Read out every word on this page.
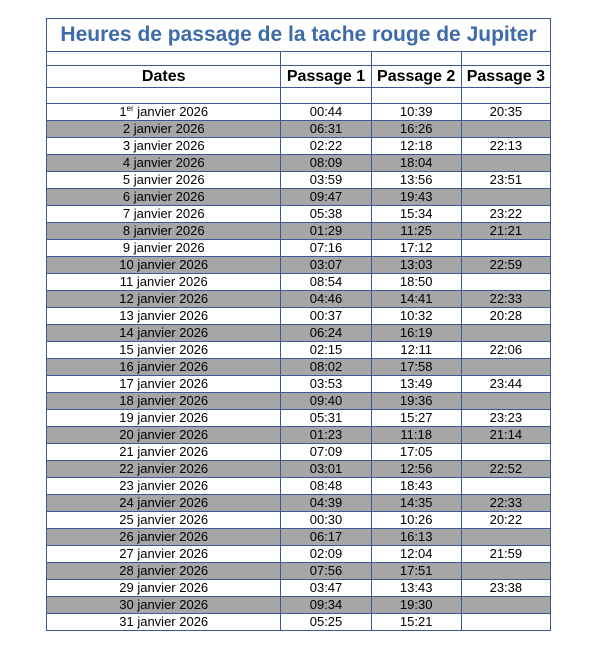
Heures de passage de la tache rouge de Jupiter			

Dates	Passage 1	Passage 2	Passage 3

1er janvier 2026	00:44	10:39	20:35
2 janvier 2026	06:31	16:26	
3 janvier 2026	02:22	12:18	22:13
4 janvier 2026	08:09	18:04	
5 janvier 2026	03:59	13:56	23:51
6 janvier 2026	09:47	19:43	
7 janvier 2026	05:38	15:34	23:22
8 janvier 2026	01:29	11:25	21:21
9 janvier 2026	07:16	17:12	
10 janvier 2026	03:07	13:03	22:59
11 janvier 2026	08:54	18:50	
12 janvier 2026	04:46	14:41	22:33
13 janvier 2026	00:37	10:32	20:28
14 janvier 2026	06:24	16:19	
15 janvier 2026	02:15	12:11	22:06
16 janvier 2026	08:02	17:58	
17 janvier 2026	03:53	13:49	23:44
18 janvier 2026	09:40	19:36	
19 janvier 2026	05:31	15:27	23:23
20 janvier 2026	01:23	11:18	21:14
21 janvier 2026	07:09	17:05	
22 janvier 2026	03:01	12:56	22:52
23 janvier 2026	08:48	18:43	
24 janvier 2026	04:39	14:35	22:33
25 janvier 2026	00:30	10:26	20:22
26 janvier 2026	06:17	16:13	
27 janvier 2026	02:09	12:04	21:59
28 janvier 2026	07:56	17:51	
29 janvier 2026	03:47	13:43	23:38
30 janvier 2026	09:34	19:30	
31 janvier 2026	05:25	15:21	
